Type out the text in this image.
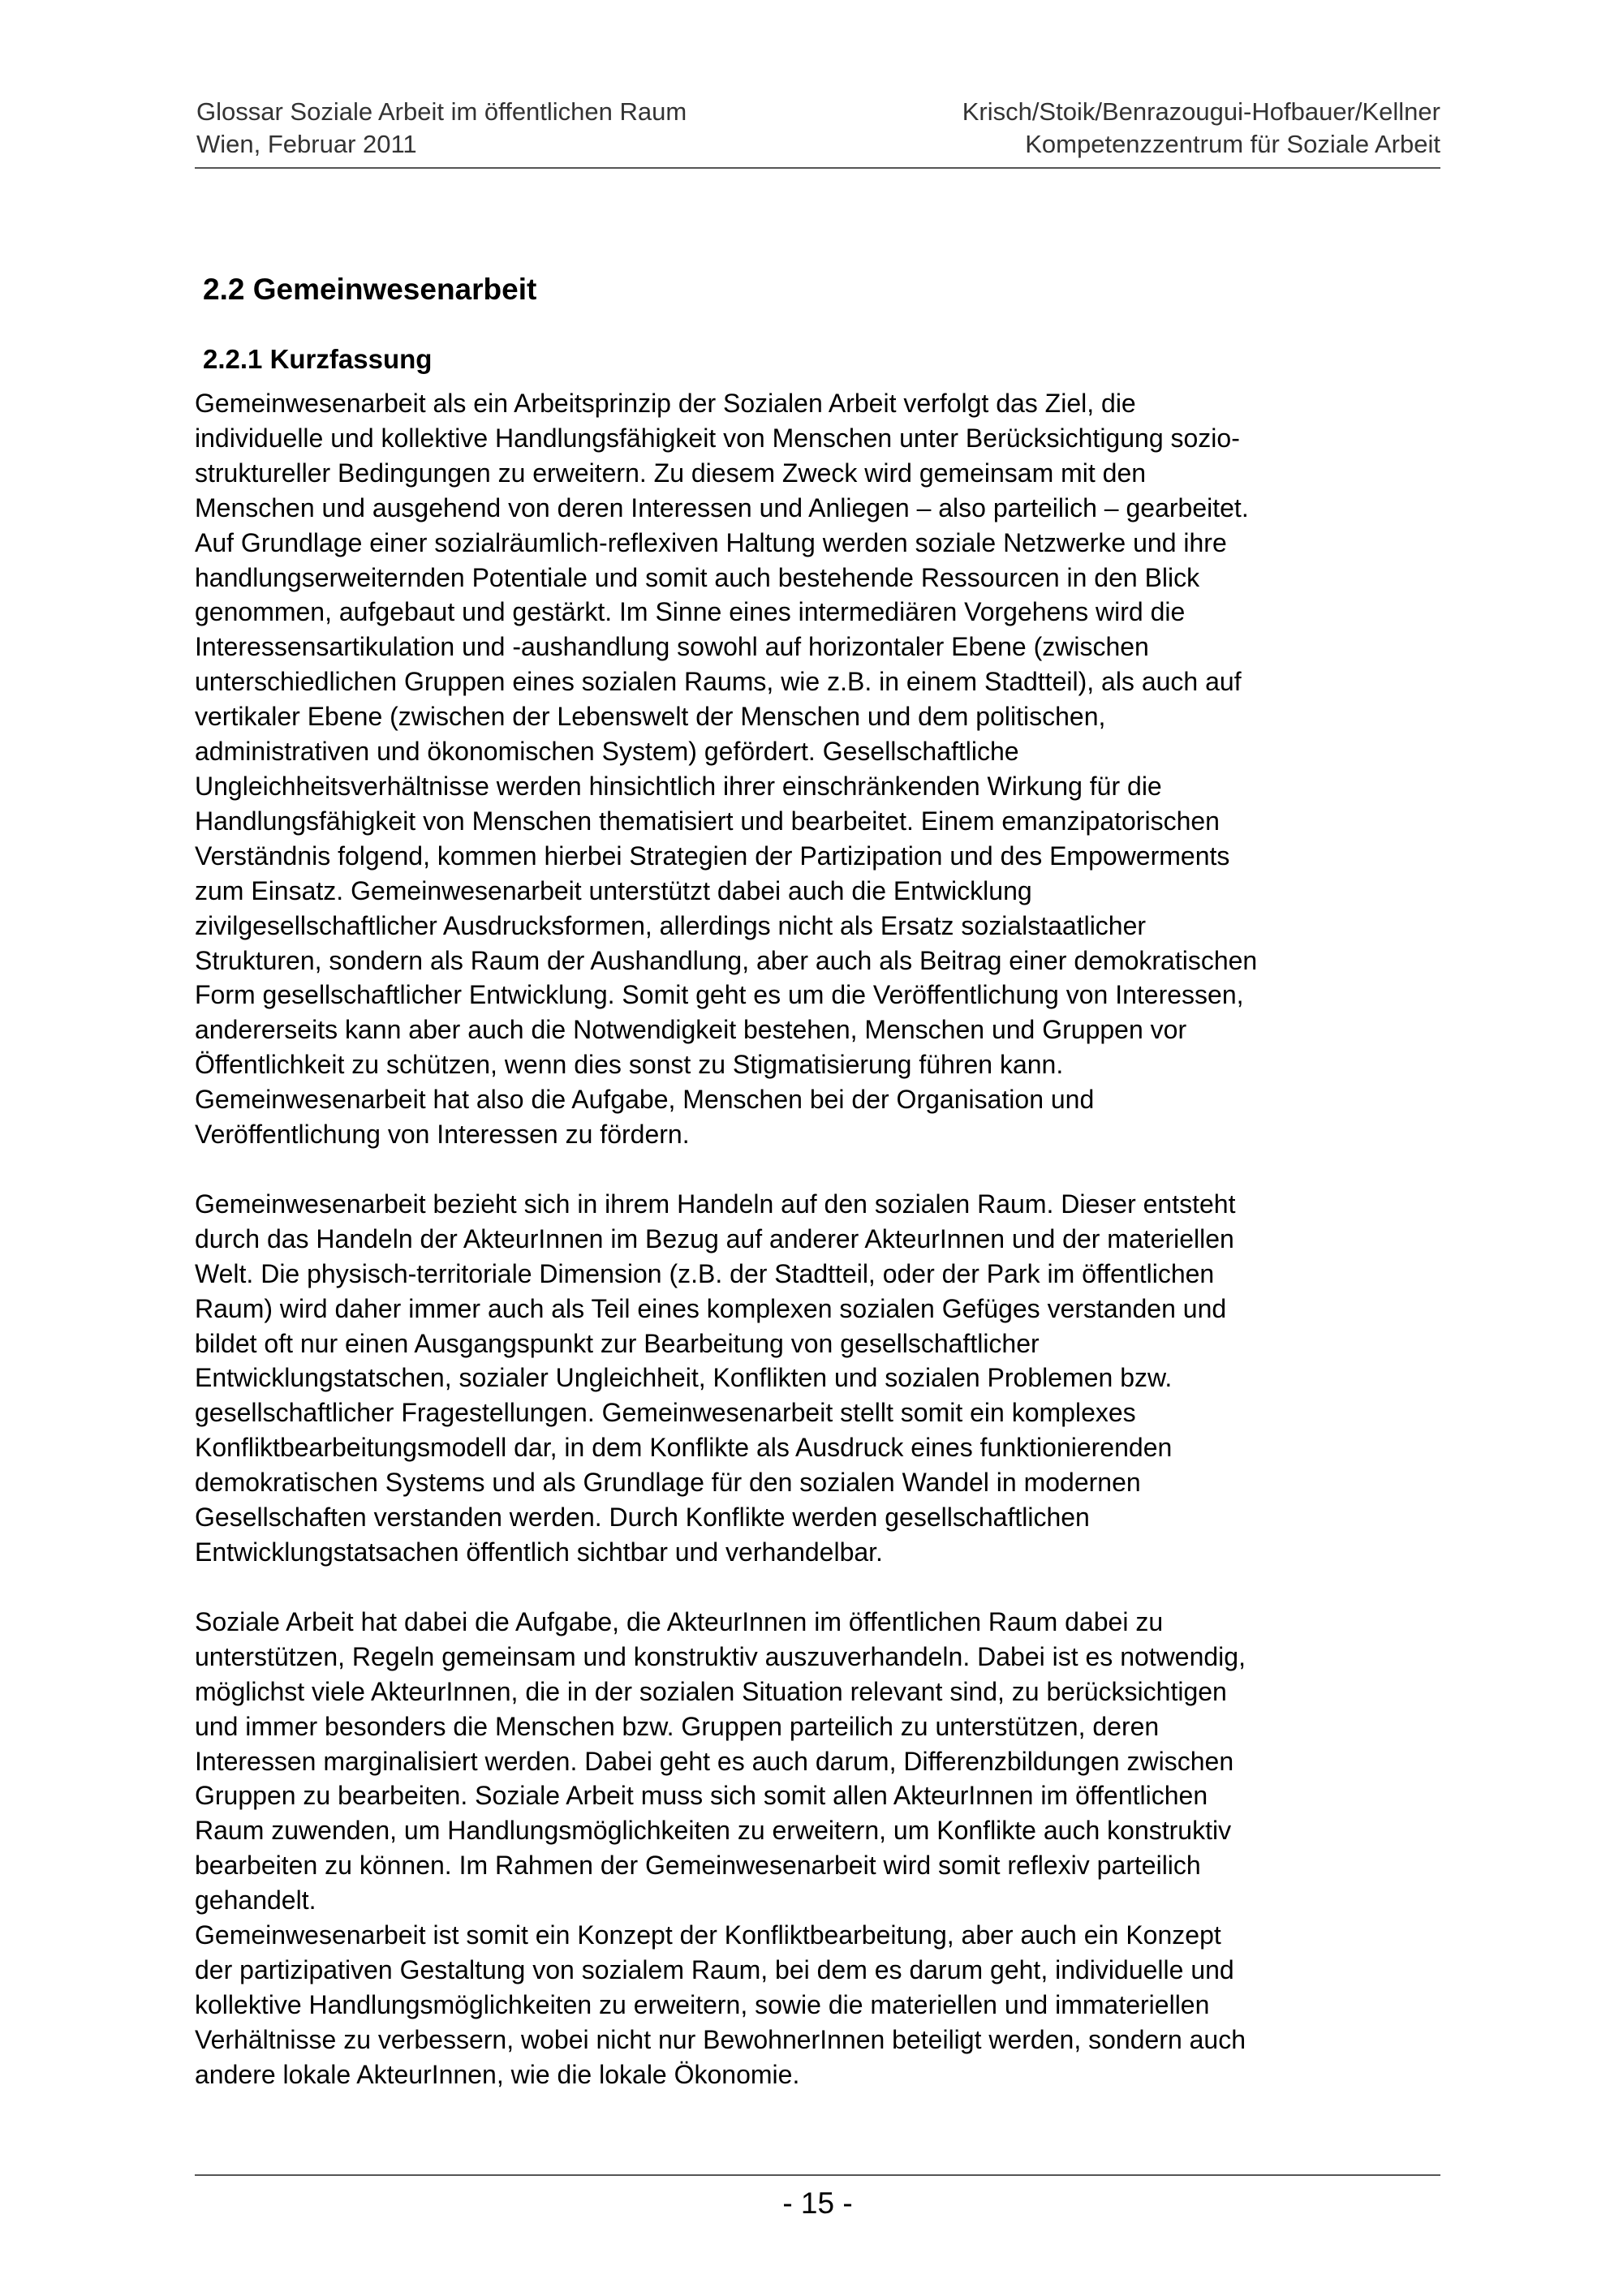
Glossar Soziale Arbeit im öffentlichen Raum
Wien, Februar 2011
Krisch/Stoik/Benrazougui-Hofbauer/Kellner
Kompetenzzentrum für Soziale Arbeit
2.2 Gemeinwesenarbeit
2.2.1 Kurzfassung

Gemeinwesenarbeit als ein Arbeitsprinzip der Sozialen Arbeit verfolgt das Ziel, die
individuelle und kollektive Handlungsfähigkeit von Menschen unter Berücksichtigung sozio-
struktureller Bedingungen zu erweitern. Zu diesem Zweck wird gemeinsam mit den
Menschen und ausgehend von deren Interessen und Anliegen – also parteilich – gearbeitet.
Auf Grundlage einer sozialräumlich-reflexiven Haltung werden soziale Netzwerke und ihre
handlungserweiternden Potentiale und somit auch bestehende Ressourcen in den Blick
genommen, aufgebaut und gestärkt. Im Sinne eines intermediären Vorgehens wird die
Interessensartikulation und -aushandlung sowohl auf horizontaler Ebene (zwischen
unterschiedlichen Gruppen eines sozialen Raums, wie z.B. in einem Stadtteil), als auch auf
vertikaler Ebene (zwischen der Lebenswelt der Menschen und dem politischen,
administrativen und ökonomischen System) gefördert. Gesellschaftliche
Ungleichheitsverhältnisse werden hinsichtlich ihrer einschränkenden Wirkung für die
Handlungsfähigkeit von Menschen thematisiert und bearbeitet. Einem emanzipatorischen
Verständnis folgend, kommen hierbei Strategien der Partizipation und des Empowerments
zum Einsatz. Gemeinwesenarbeit unterstützt dabei auch die Entwicklung
zivilgesellschaftlicher Ausdrucksformen, allerdings nicht als Ersatz sozialstaatlicher
Strukturen, sondern als Raum der Aushandlung, aber auch als Beitrag einer demokratischen
Form gesellschaftlicher Entwicklung. Somit geht es um die Veröffentlichung von Interessen,
andererseits kann aber auch die Notwendigkeit bestehen, Menschen und Gruppen vor
Öffentlichkeit zu schützen, wenn dies sonst zu Stigmatisierung führen kann.
Gemeinwesenarbeit hat also die Aufgabe, Menschen bei der Organisation und
Veröffentlichung von Interessen zu fördern.

Gemeinwesenarbeit bezieht sich in ihrem Handeln auf den sozialen Raum. Dieser entsteht
durch das Handeln der AkteurInnen im Bezug auf anderer AkteurInnen und der materiellen
Welt. Die physisch-territoriale Dimension (z.B. der Stadtteil, oder der Park im öffentlichen
Raum) wird daher immer auch als Teil eines komplexen sozialen Gefüges verstanden und
bildet oft nur einen Ausgangspunkt zur Bearbeitung von gesellschaftlicher
Entwicklungstatschen, sozialer Ungleichheit, Konflikten und sozialen Problemen bzw.
gesellschaftlicher Fragestellungen. Gemeinwesenarbeit stellt somit ein komplexes
Konfliktbearbeitungsmodell dar, in dem Konflikte als Ausdruck eines funktionierenden
demokratischen Systems und als Grundlage für den sozialen Wandel in modernen
Gesellschaften verstanden werden. Durch Konflikte werden gesellschaftlichen
Entwicklungstatsachen öffentlich sichtbar und verhandelbar.

Soziale Arbeit hat dabei die Aufgabe, die AkteurInnen im öffentlichen Raum dabei zu
unterstützen, Regeln gemeinsam und konstruktiv auszuverhandeln. Dabei ist es notwendig,
möglichst viele AkteurInnen, die in der sozialen Situation relevant sind, zu berücksichtigen
und immer besonders die Menschen bzw. Gruppen parteilich zu unterstützen, deren
Interessen marginalisiert werden. Dabei geht es auch darum, Differenzbildungen zwischen
Gruppen zu bearbeiten. Soziale Arbeit muss sich somit allen AkteurInnen im öffentlichen
Raum zuwenden, um Handlungsmöglichkeiten zu erweitern, um Konflikte auch konstruktiv
bearbeiten zu können. Im Rahmen der Gemeinwesenarbeit wird somit reflexiv parteilich
gehandelt.

Gemeinwesenarbeit ist somit ein Konzept der Konfliktbearbeitung, aber auch ein Konzept
der partizipativen Gestaltung von sozialem Raum, bei dem es darum geht, individuelle und
kollektive Handlungsmöglichkeiten zu erweitern, sowie die materiellen und immateriellen
Verhältnisse zu verbessern, wobei nicht nur BewohnerInnen beteiligt werden, sondern auch
andere lokale AkteurInnen, wie die lokale Ökonomie.

- 15 -
